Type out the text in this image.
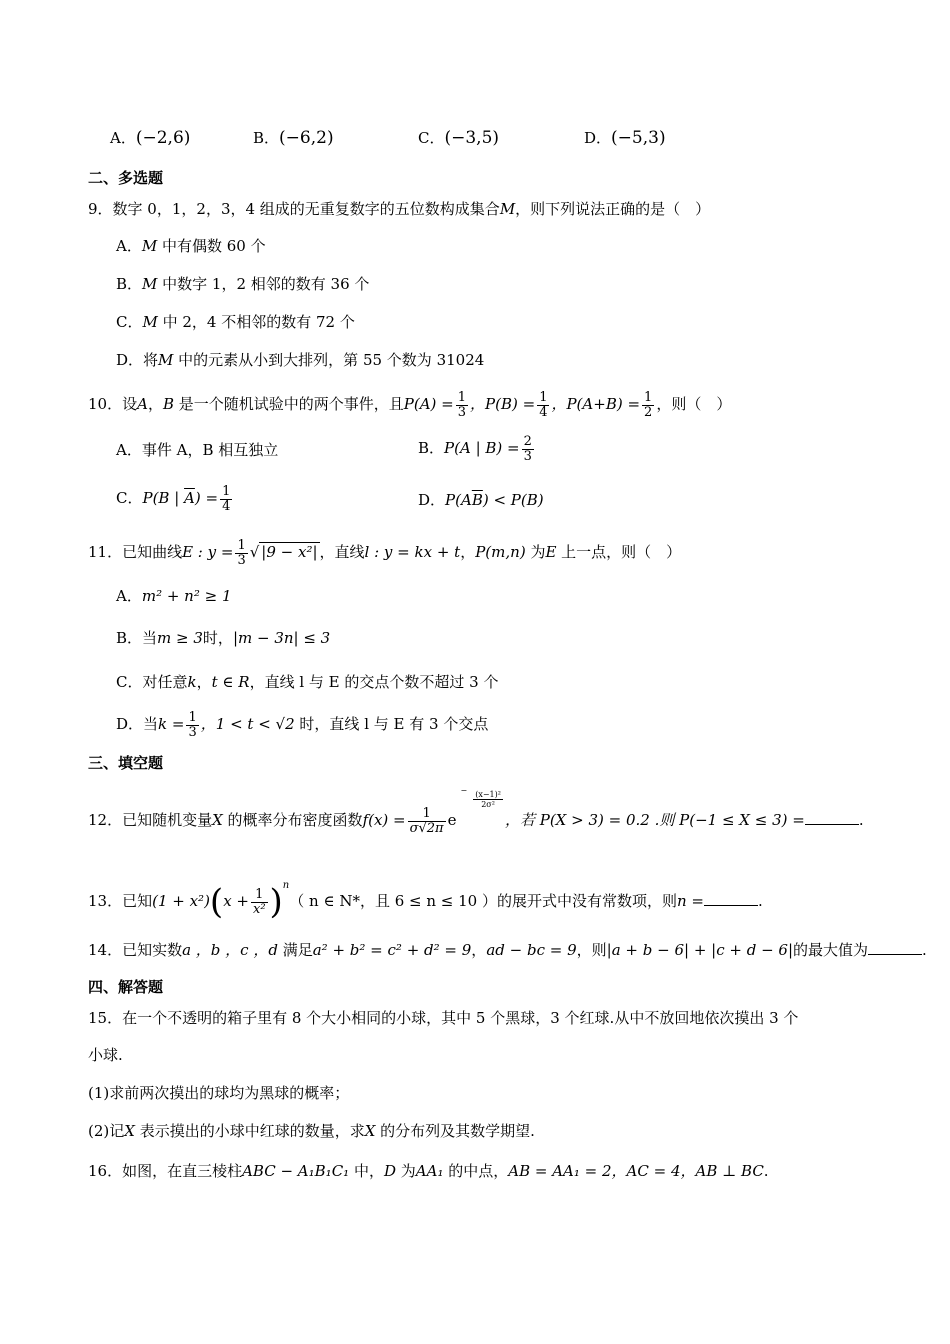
A．(−2,6)	B．(−6,2)	C．(−3,5)	D．(−5,3)
二、多选题
9．数字 0，1，2，3，4 组成的无重复数字的五位数构成集合M，则下列说法正确的是（　）
A．M 中有偶数 60 个
B．M 中数字 1，2 相邻的数有 36 个
C．M 中 2，4 不相邻的数有 72 个
D．将M 中的元素从小到大排列，第 55 个数为 31024
10．设A，B 是一个随机试验中的两个事件，且$P(A) = \frac{1}{3}$ ，$P(B) = \frac{1}{4}$ ，$P(A+B) = \frac{1}{2}$ ，则（　）
A．事件 A，B 相互独立	B．P(A | $B) = \frac{2}{3}$
C．P(B | $\overline{A}) = \frac{1}{4}$	D．$P(A\overline{B}) < P(B)$
11．已知曲线E : $y = \frac{1}{3}$ √ |9 − x²| ，直线l : y = kx + t，P(m,n) 为E 上一点，则（　）
A．m² + n² ≥ 1
B．当m ≥ 3时，|m − 3n| ≤ 3
C．对任意k，t ∈ R，直线 l 与 E 的交点个数不超过 3 个
D．当$k = \frac{1}{3}$ ，1 < t < √2 时，直线 l 与 E 有 3 个交点
三、填空题
12．已知随机变量X 的概率分布密度函数$f(x) = \frac{1}{\sigma√2\pi}$ e
− $\frac{\text{(x−1)²}}{\text{2σ²}}$
，若 P(X > 3) = 0.2 .则 P(−1 ≤ X ≤ 3) =	.
13．已知$(1 + x^2)(x + \frac{1}{\text{x²}} )^n$（ n ∈ N*，且 6 ≤ n ≤ 10 ）的展开式中没有常数项，则n =	.
14．已知实数a ，b ，c ，d 满足a² + b² = c² + d² = 9，ad − bc = 9，则|a + b − 6| + |c + d − 6|的最大值为	.
四、解答题
15．在一个不透明的箱子里有 8 个大小相同的小球，其中 5 个黑球，3 个红球.从中不放回地依次摸出 3 个
小球.
(1)求前两次摸出的球均为黑球的概率；
(2)记X 表示摸出的小球中红球的数量，求X 的分布列及其数学期望.
16．如图，在直三棱柱ABC − A₁B₁C₁ 中，D 为AA₁ 的中点，AB = AA₁ = 2，AC = 4，AB ⊥ BC.
